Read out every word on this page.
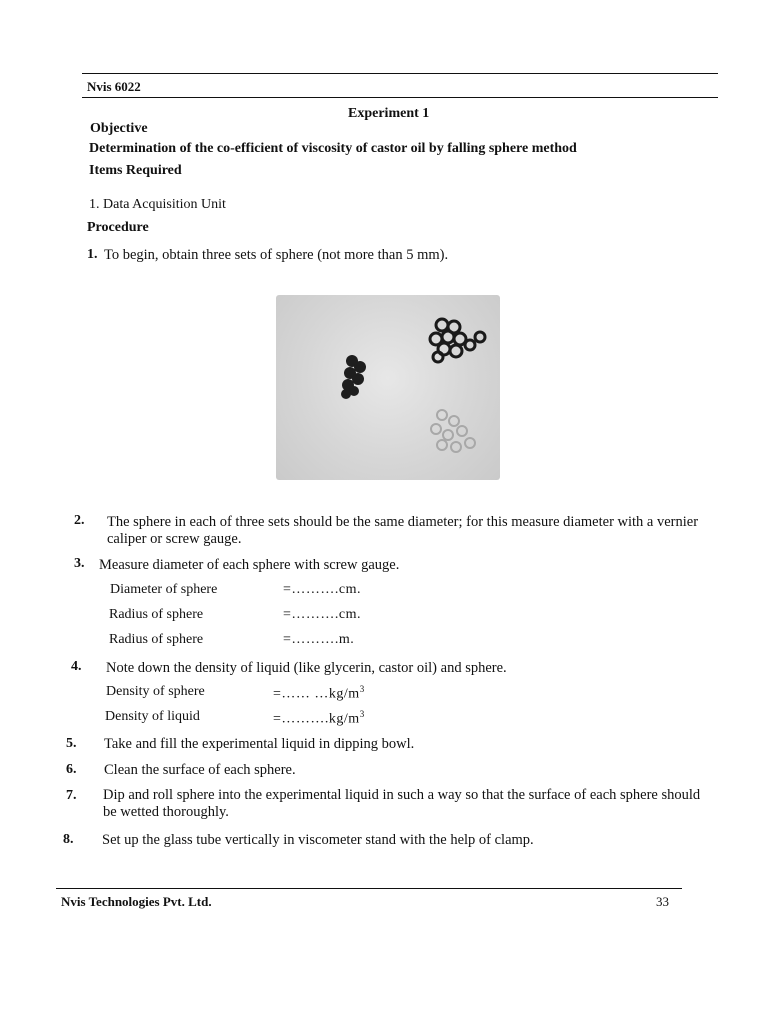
Nvis 6022
Experiment 1
Objective
Determination of the co-efficient of viscosity of castor oil by falling sphere method
Items Required
1. Data Acquisition Unit
Procedure
1. To begin, obtain three sets of sphere (not more than 5 mm).
2. The sphere in each of three sets should be the same diameter; for this measure diameter with a vernier caliper or screw gauge.
3. Measure diameter of each sphere with screw gauge.
Diameter of sphere	=……….cm.
Radius of sphere	=……….cm.
Radius of sphere	=……….m.
4. Note down the density of liquid (like glycerin, castor oil) and sphere.
Density of sphere	=…… $\dots kg/m^3$
Density of liquid	$=\dots\dots\dots.kg/m^3$
5. Take and fill the experimental liquid in dipping bowl.
6. Clean the surface of each sphere.
7. Dip and roll sphere into the experimental liquid in such a way so that the surface of each sphere should be wetted thoroughly.
8. Set up the glass tube vertically in viscometer stand with the help of clamp.
Nvis Technologies Pvt. Ltd.	33
